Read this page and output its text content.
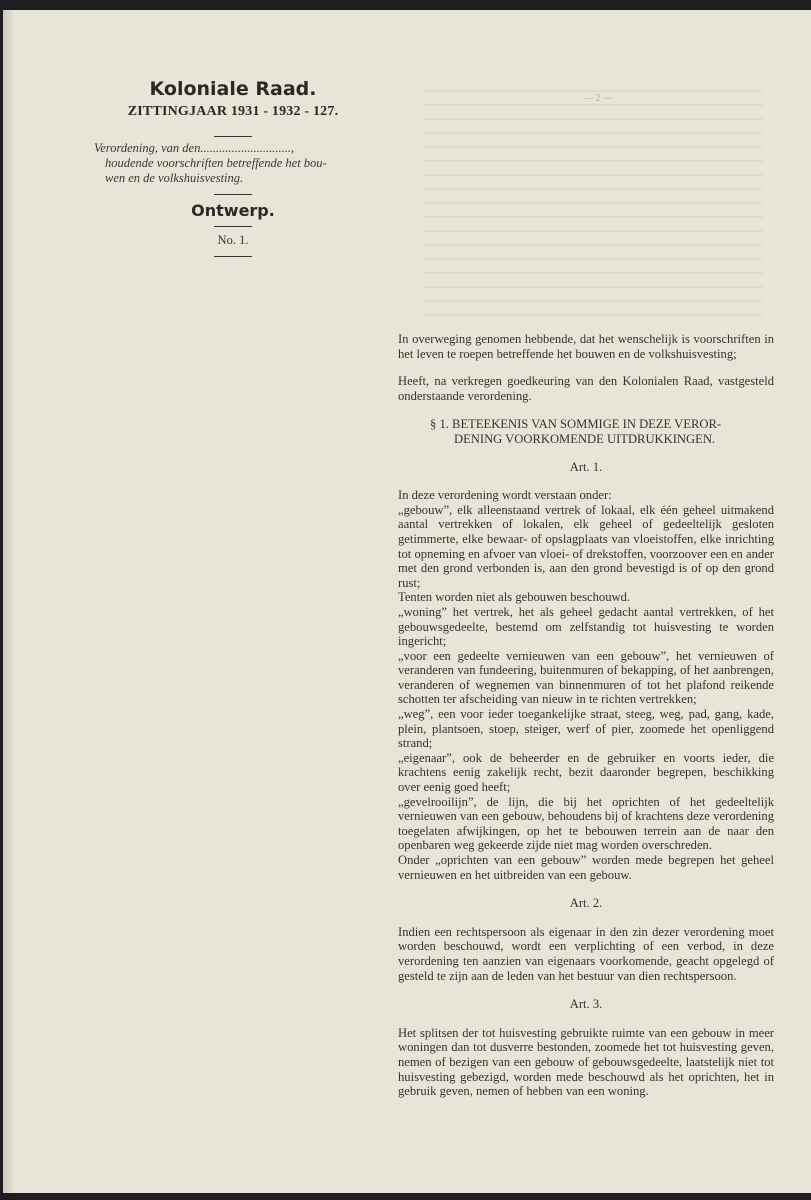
— 2 —
Koloniale Raad.
ZITTINGJAAR 1931 - 1932 - 127.
Verordening, van den.............................,
houdende voorschriften betreffende het bou-
wen en de volkshuisvesting.
Ontwerp.
No. 1.

In overweging genomen hebbende, dat het wenschelijk is voorschriften in het leven te roepen betreffende het bouwen en de volkshuisvesting;

Heeft, na verkregen goedkeuring van den Kolonialen Raad, vastgesteld onderstaande verordening.

§ 1. BETEEKENIS VAN SOMMIGE IN DEZE VEROR-
DENING VOORKOMENDE UITDRUKKINGEN.

Art. 1.

In deze verordening wordt verstaan onder:

„gebouw”, elk alleenstaand vertrek of lokaal, elk één geheel uitmakend aantal vertrekken of lokalen, elk geheel of gedeeltelijk gesloten getimmerte, elke bewaar- of opslagplaats van vloeistoffen, elke inrichting tot opneming en afvoer van vloei- of drekstoffen, voorzoover een en ander met den grond verbonden is, aan den grond bevestigd is of op den grond rust;

Tenten worden niet als gebouwen beschouwd.

„woning” het vertrek, het als geheel gedacht aantal vertrekken, of het gebouwsgedeelte, bestemd om zelfstandig tot huisvesting te worden ingericht;

„voor een gedeelte vernieuwen van een gebouw”, het vernieuwen of veranderen van fundeering, buitenmuren of bekapping, of het aanbrengen, veranderen of wegnemen van binnenmuren of tot het plafond reikende schotten ter afscheiding van nieuw in te richten vertrekken;

„weg”, een voor ieder toegankelijke straat, steeg, weg, pad, gang, kade, plein, plantsoen, stoep, steiger, werf of pier, zoomede het openliggend strand;

„eigenaar”, ook de beheerder en de gebruiker en voorts ieder, die krachtens eenig zakelijk recht, bezit daaronder begrepen, beschikking over eenig goed heeft;

„gevelrooilijn”, de lijn, die bij het oprichten of het gedeeltelijk vernieuwen van een gebouw, behoudens bij of krachtens deze verordening toegelaten afwijkingen, op het te bebouwen terrein aan de naar den openbaren weg gekeerde zijde niet mag worden overschreden.

Onder „oprichten van een gebouw” worden mede begrepen het geheel vernieuwen en het uitbreiden van een gebouw.

Art. 2.

Indien een rechtspersoon als eigenaar in den zin dezer verordening moet worden beschouwd, wordt een verplichting of een verbod, in deze verordening ten aanzien van eigenaars voorkomende, geacht opgelegd of gesteld te zijn aan de leden van het bestuur van dien rechtspersoon.

Art. 3.

Het splitsen der tot huisvesting gebruikte ruimte van een gebouw in meer woningen dan tot dusverre bestonden, zoomede het tot huisvesting geven, nemen of bezigen van een gebouw of gebouwsgedeelte, laatstelijk niet tot huisvesting gebezigd, worden mede beschouwd als het oprichten, het in gebruik geven, nemen of hebben van een woning.
